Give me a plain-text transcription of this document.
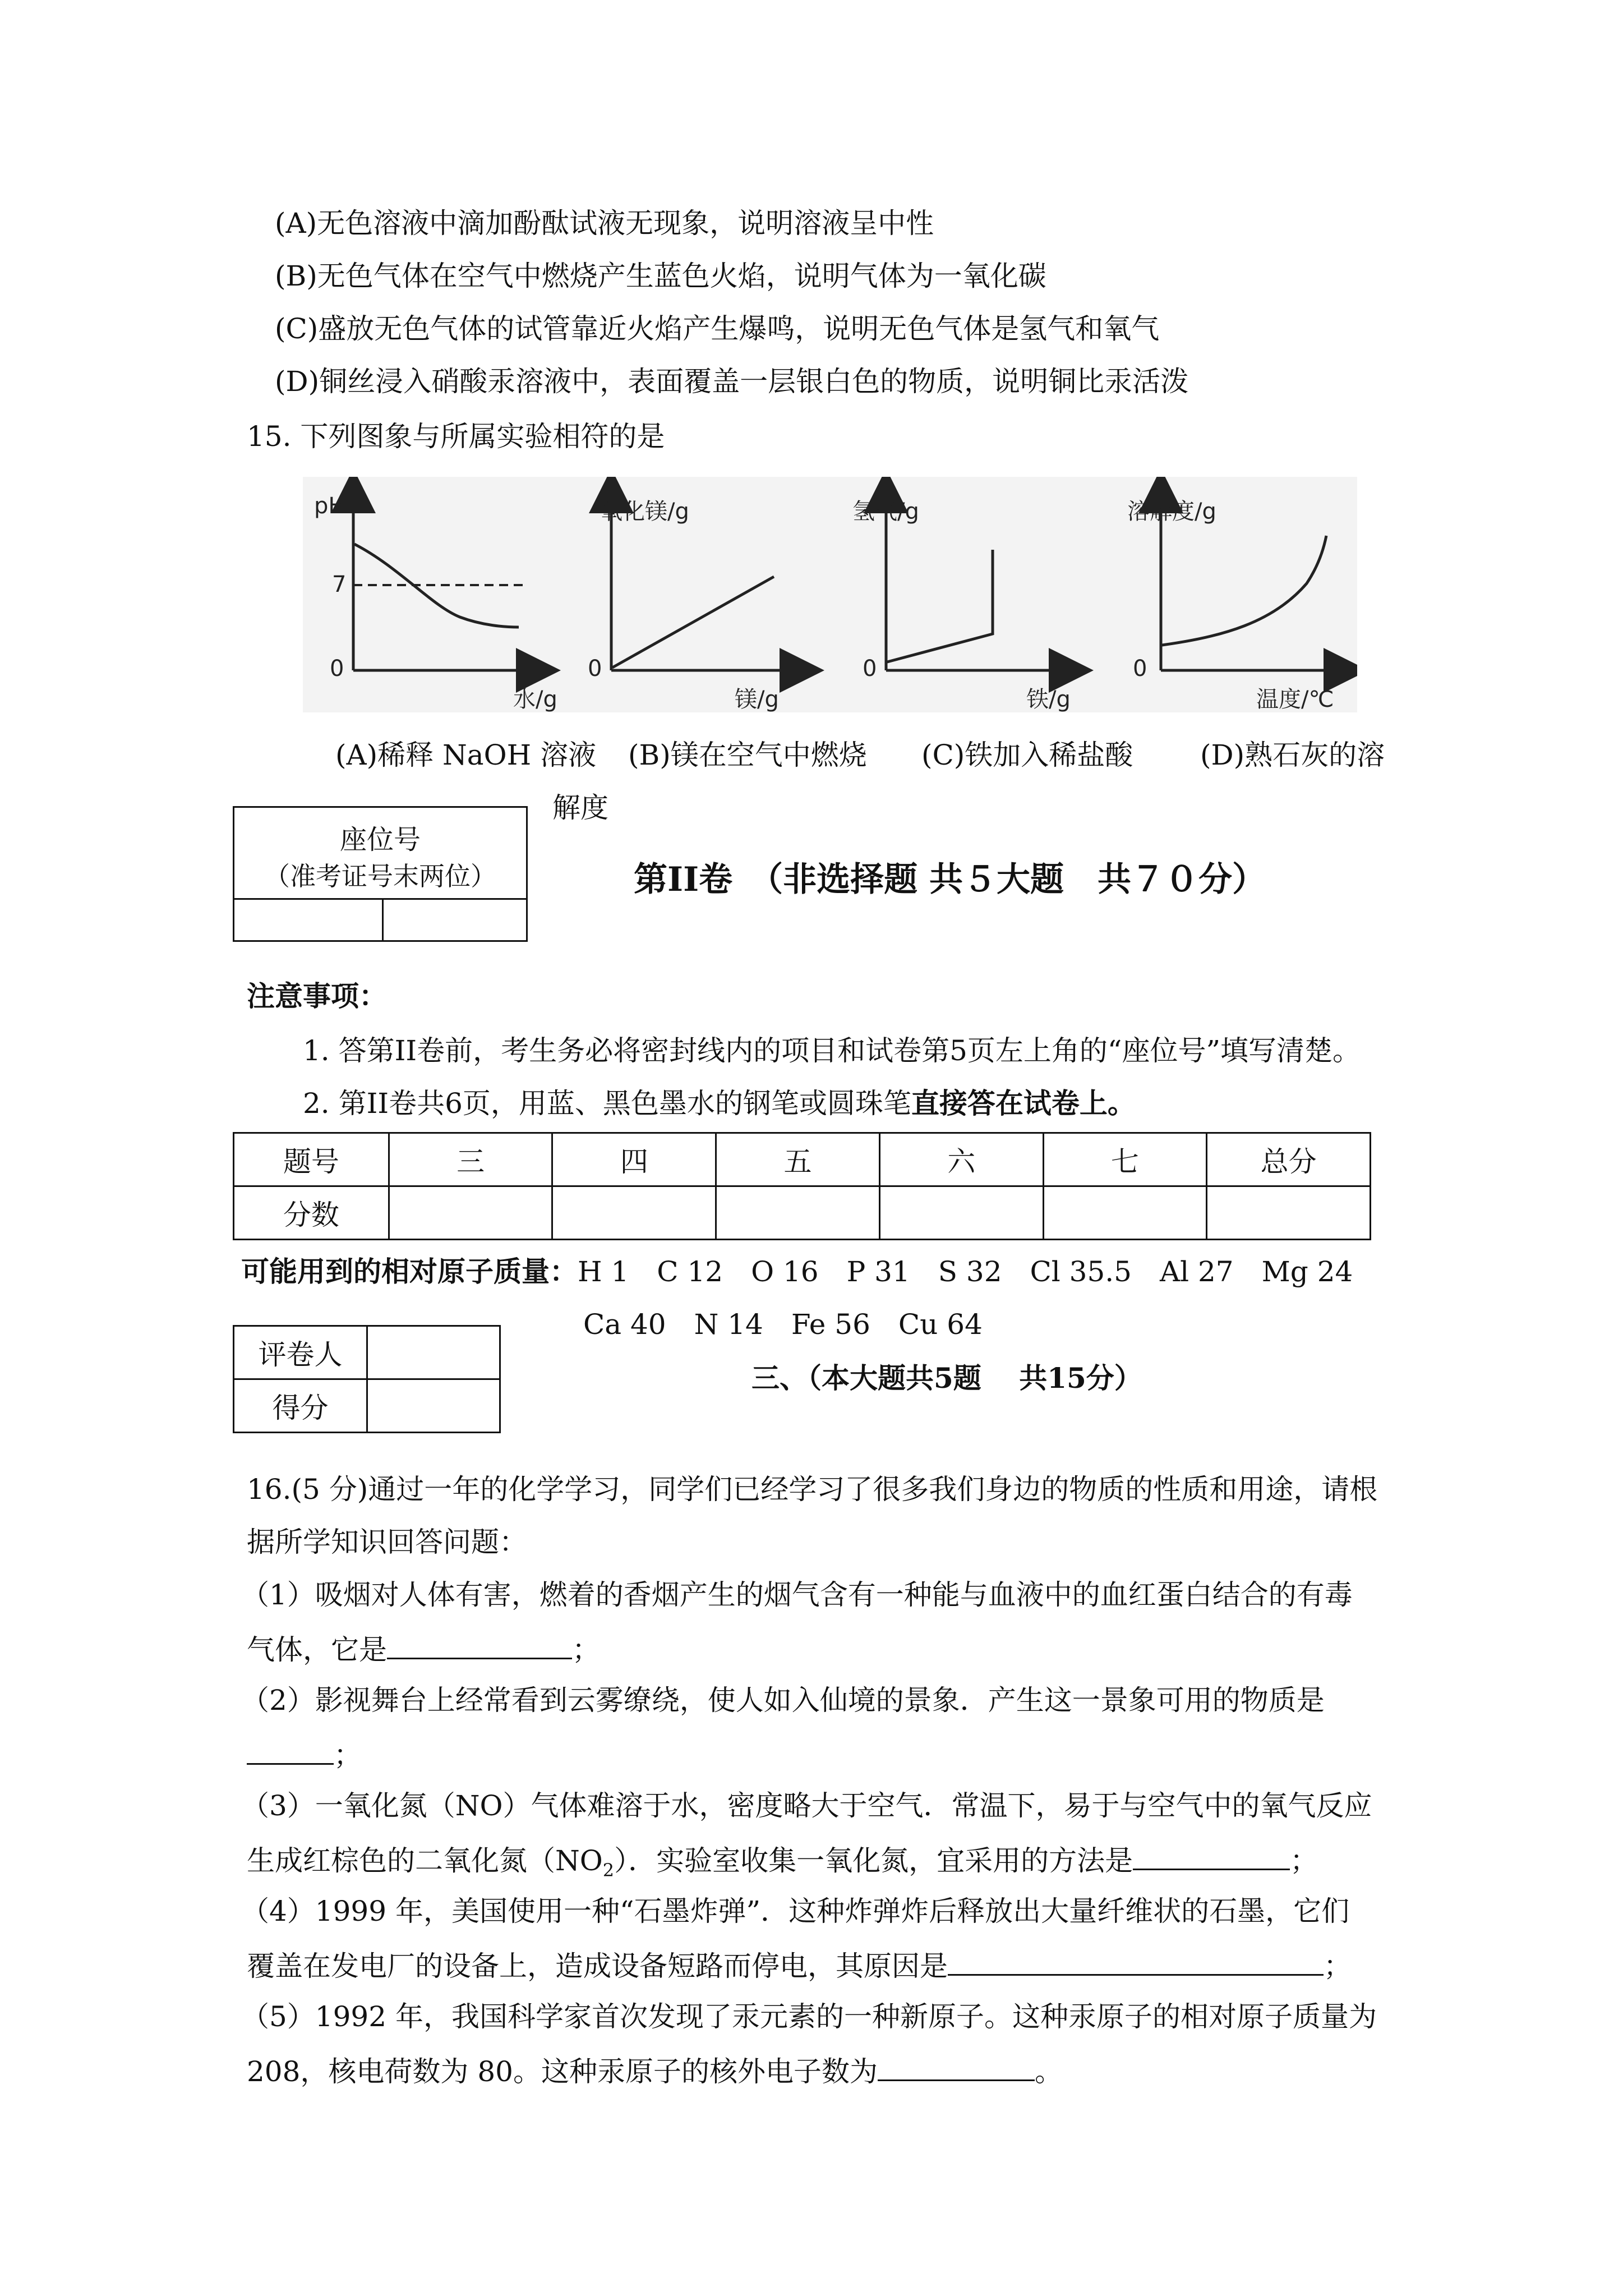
(A)无色溶液中滴加酚酞试液无现象，说明溶液呈中性
(B)无色气体在空气中燃烧产生蓝色火焰，说明气体为一氧化碳
(C)盛放无色气体的试管靠近火焰产生爆鸣，说明无色气体是氢气和氧气
(D)铜丝浸入硝酸汞溶液中，表面覆盖一层银白色的物质，说明铜比汞活泼
15. 下列图象与所属实验相符的是
pH
7
0
水/g
氧化镁/g
0
镁/g
氢气/g
0
铁/g
溶解度/g
0
温度/℃
(A)稀释 NaOH 溶液 (B)镁在空气中燃烧 (C)铁加入稀盐酸 (D)熟石灰的溶
解度
座位号
（准考证号末两位）	第II卷　（非选择题 共５大题　共７０分）
注意事项：
1. 答第II卷前，考生务必将密封线内的项目和试卷第5页左上角的“座位号”填写清楚。
2. 第II卷共6页，用蓝、黑色墨水的钢笔或圆珠笔直接答在试卷上。
题号	三	四	五	六	七	总分
分数						
可能用到的相对原子质量：H 1　C 12　O 16　P 31　S 32　Cl 35.5　Al 27　Mg 24
Ca 40　N 14　Fe 56　Cu 64
评卷人	
得分	
三、（本大题共5题　 共15分）
16.(5 分)通过一年的化学学习，同学们已经学习了很多我们身边的物质的性质和用途，请根
据所学知识回答问题：
（1）吸烟对人体有害，燃着的香烟产生的烟气含有一种能与血液中的血红蛋白结合的有毒
气体，它是	；
（2）影视舞台上经常看到云雾缭绕，使人如入仙境的景象．产生这一景象可用的物质是
；
（3）一氧化氮（NO）气体难溶于水，密度略大于空气．常温下，易于与空气中的氧气反应
生成红棕色的二氧化氮$(NO_2)$．实验室收集一氧化氮，宜采用的方法是	；
（4）1999 年，美国使用一种“石墨炸弹”．这种炸弹炸后释放出大量纤维状的石墨，它们
覆盖在发电厂的设备上，造成设备短路而停电，其原因是	；
（5）1992 年，我国科学家首次发现了汞元素的一种新原子。这种汞原子的相对原子质量为
208，核电荷数为 80。这种汞原子的核外电子数为	。
